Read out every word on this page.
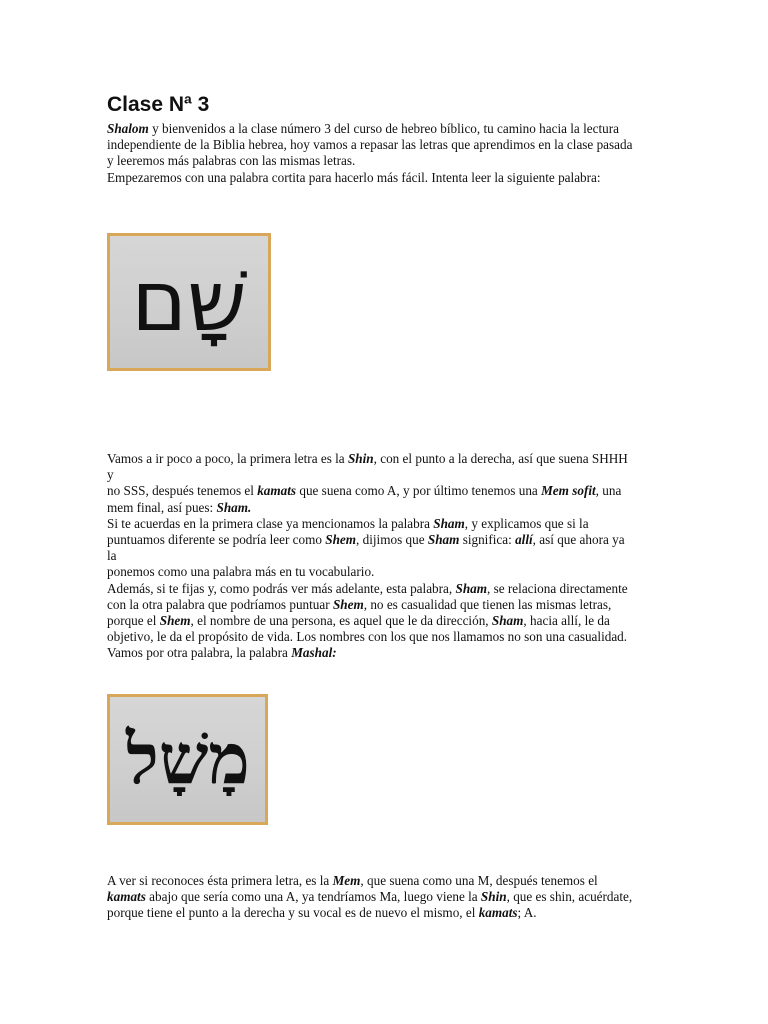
Clase Nª 3

Shalom y bienvenidos a la clase número 3 del curso de hebreo bíblico, tu camino hacia la lectura
independiente de la Biblia hebrea, hoy vamos a repasar las letras que aprendimos en la clase pasada
y leeremos más palabras con las mismas letras.
Empezaremos con una palabra cortita para hacerlo más fácil. Intenta leer la siguiente palabra:

שָׁם

Vamos a ir poco a poco, la primera letra es la Shin, con el punto a la derecha, así que suena SHHH
y
no SSS, después tenemos el kamats que suena como A, y por último tenemos una Mem sofit, una
mem final, así pues: Sham.
Si te acuerdas en la primera clase ya mencionamos la palabra Sham, y explicamos que si la
puntuamos diferente se podría leer como Shem, dijimos que Sham significa: allí, así que ahora ya
la
ponemos como una palabra más en tu vocabulario.
Además, si te fijas y, como podrás ver más adelante, esta palabra, Sham, se relaciona directamente
con la otra palabra que podríamos puntuar Shem, no es casualidad que tienen las mismas letras,
porque el Shem, el nombre de una persona, es aquel que le da dirección, Sham, hacia allí, le da
objetivo, le da el propósito de vida. Los nombres con los que nos llamamos no son una casualidad.
Vamos por otra palabra, la palabra Mashal:

מָשָׁל

A ver si reconoces ésta primera letra, es la Mem, que suena como una M, después tenemos el
kamats abajo que sería como una A, ya tendríamos Ma, luego viene la Shin, que es shin, acuérdate,
porque tiene el punto a la derecha y su vocal es de nuevo el mismo, el kamats; A.
